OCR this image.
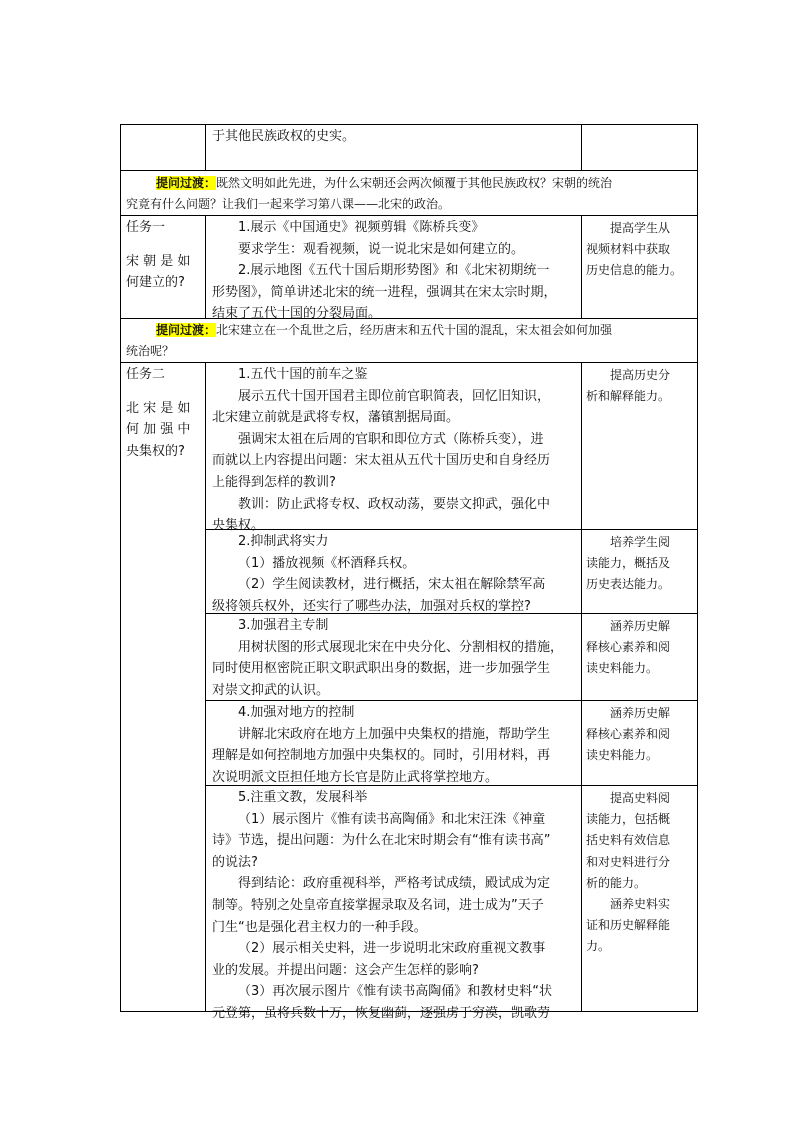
于其他民族政权的史实。
提问过渡：既然文明如此先进，为什么宋朝还会两次倾覆于其他民族政权？宋朝的统治
究竟有什么问题？让我们一起来学习第八课——北宋的政治。
任务一
宋 朝 是 如
何建立的?
1.展示《中国通史》视频剪辑《陈桥兵变》
要求学生：观看视频，说一说北宋是如何建立的。
2.展示地图《五代十国后期形势图》和《北宋初期统一
形势图》，简单讲述北宋的统一进程，强调其在宋太宗时期，
结束了五代十国的分裂局面。
提高学生从
视频材料中获取
历史信息的能力。
提问过渡：北宋建立在一个乱世之后，经历唐末和五代十国的混乱，宋太祖会如何加强
统治呢？
任务二
北 宋 是 如
何 加 强 中
央集权的?
1.五代十国的前车之鉴
展示五代十国开国君主即位前官职简表，回忆旧知识，
北宋建立前就是武将专权，藩镇割据局面。
强调宋太祖在后周的官职和即位方式（陈桥兵变），进
而就以上内容提出问题：宋太祖从五代十国历史和自身经历
上能得到怎样的教训?
教训：防止武将专权、政权动荡，要崇文抑武，强化中
央集权。
提高历史分
析和解释能力。
2.抑制武将实力
（1）播放视频《杯酒释兵权。
（2）学生阅读教材，进行概括，宋太祖在解除禁军高
级将领兵权外，还实行了哪些办法，加强对兵权的掌控?
培养学生阅
读能力，概括及
历史表达能力。
3.加强君主专制
用树状图的形式展现北宋在中央分化、分割相权的措施，
同时使用枢密院正职文职武职出身的数据，进一步加强学生
对崇文抑武的认识。
涵养历史解
释核心素养和阅
读史料能力。
4.加强对地方的控制
讲解北宋政府在地方上加强中央集权的措施，帮助学生
理解是如何控制地方加强中央集权的。同时，引用材料，再
次说明派文臣担任地方长官是防止武将掌控地方。
涵养历史解
释核心素养和阅
读史料能力。
5.注重文教，发展科举
（1）展示图片《惟有读书高陶俑》和北宋汪洙《神童
诗》节选，提出问题：为什么在北宋时期会有“惟有读书高”
的说法?
得到结论：政府重视科举，严格考试成绩，殿试成为定
制等。特别之处皇帝直接掌握录取及名词，进士成为”天子
门生“也是强化君主权力的一种手段。
（2）展示相关史料，进一步说明北宋政府重视文教事
业的发展。并提出问题：这会产生怎样的影响?
（3）再次展示图片《惟有读书高陶俑》和教材史料“状
元登第，虽将兵数十万，恢复幽蓟，逐强虏于穷漠，凯歌劳
提高史料阅
读能力，包括概
括史料有效信息
和对史料进行分
析的能力。
涵养史料实
证和历史解释能
力。
